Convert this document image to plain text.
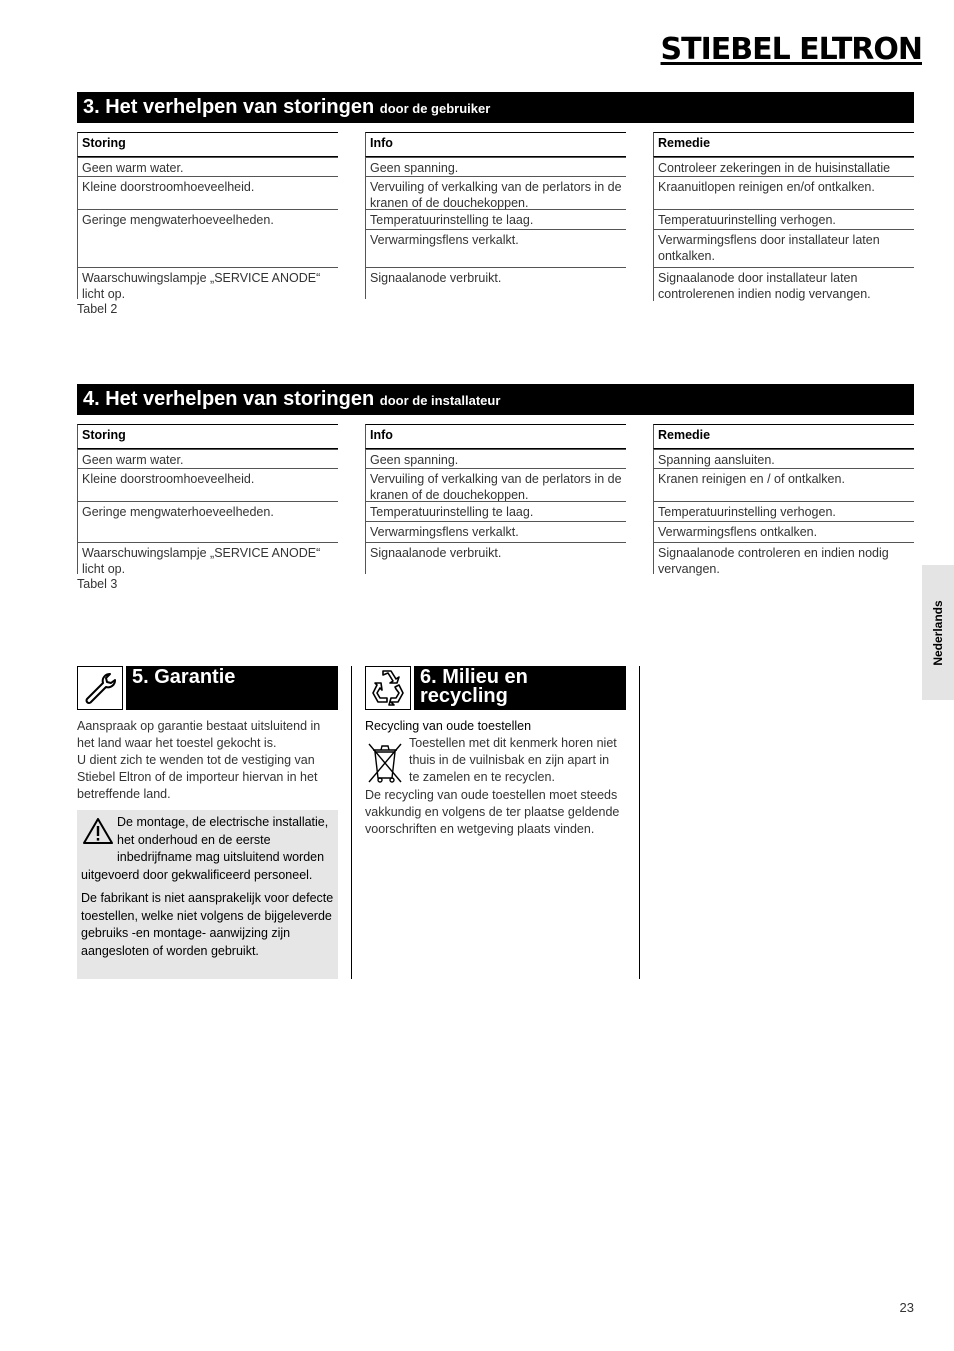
STIEBEL ELTRON
3. Het verhelpen van storingen door de gebruiker
Storing
Geen warm water.
Kleine doorstroomhoeveelheid.
Geringe mengwaterhoeveelheden.
Waarschuwingslampje „SERVICE ANODE“ licht op.
Info
Geen spanning.
Vervuiling of verkalking van de perlators in de kranen of de douchekoppen.
Temperatuurinstelling te laag.
Verwarmingsflens verkalkt.
Signaalanode verbruikt.
Remedie
Controleer zekeringen in de huisinstallatie
Kraanuitlopen reinigen en/of ontkalken.
Temperatuurinstelling verhogen.
Verwarmingsflens door installateur laten ontkalken.
Signaalanode door installateur laten controlerenen indien nodig vervangen.
Tabel 2
4. Het verhelpen van storingen door de installateur
Storing
Geen warm water.
Kleine doorstroomhoeveelheid.
Geringe mengwaterhoeveelheden.
Waarschuwingslampje „SERVICE ANODE“ licht op.
Info
Geen spanning.
Vervuiling of verkalking van de perlators in de kranen of de douchekoppen.
Temperatuurinstelling te laag.
Verwarmingsflens verkalkt.
Signaalanode verbruikt.
Remedie
Spanning aansluiten.
Kranen reinigen en / of ontkalken.
Temperatuurinstelling verhogen.
Verwarmingsflens ontkalken.
Signaalanode controleren en indien nodig vervangen.
Tabel 3
5. Garantie
Aanspraak op garantie bestaat uitsluitend in het land waar het toestel gekocht is.
U dient zich te wenden tot de vestiging van Stiebel Eltron of de importeur hiervan in het betreffende land.
De montage, de electrische installatie, het onderhoud en de eerste inbedrijfname mag uitsluitend worden uitgevoerd door gekwalificeerd personeel.
De fabrikant is niet aansprakelijk voor defecte toestellen, welke niet volgens de bijgeleverde gebruiks -en montage- aanwijzing zijn aangesloten of worden gebruikt.
6. Milieu en
recycling
Recycling van oude toestellen
Toestellen met dit kenmerk horen niet thuis in de vuilnisbak en zijn apart in te zamelen en te recyclen.
De recycling van oude toestellen moet steeds vakkundig en volgens de ter plaatse geldende voorschriften en wetgeving plaats vinden.
Nederlands
23
